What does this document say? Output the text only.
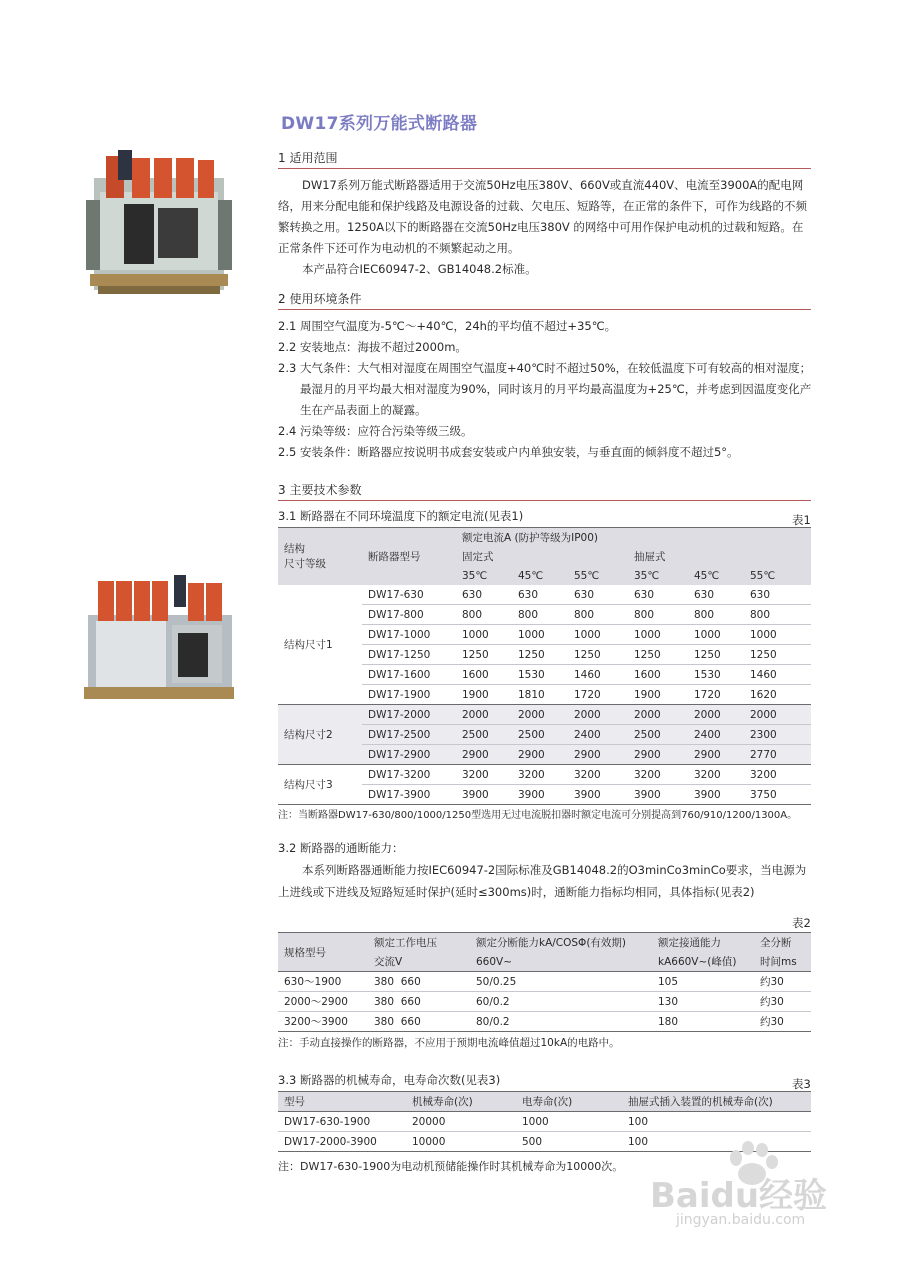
DW17系列万能式断路器
1 适用范围

DW17系列万能式断路器适用于交流50Hz电压380V、660V或直流440V、电流至3900A的配电网络，用来分配电能和保护线路及电源设备的过载、欠电压、短路等，在正常的条件下，可作为线路的不频繁转换之用。1250A以下的断路器在交流50Hz电压380V 的网络中可用作保护电动机的过载和短路。在正常条件下还可作为电动机的不频繁起动之用。

本产品符合IEC60947-2、GB14048.2标准。

2 使用环境条件

2.1 周围空气温度为-5℃～+40℃，24h的平均值不超过+35℃。

2.2 安装地点：海拔不超过2000m。

2.3 大气条件：大气相对湿度在周围空气温度+40℃时不超过50%，在较低温度下可有较高的相对湿度；最湿月的月平均最大相对湿度为90%，同时该月的月平均最高温度为+25℃，并考虑到因温度变化产生在产品表面上的凝露。

2.4 污染等级：应符合污染等级三级。

2.5 安装条件：断路器应按说明书成套安装或户内单独安装，与垂直面的倾斜度不超过5°。

3 主要技术参数
3.1 断路器在不同环境温度下的额定电流(见表1)	表1
结构
尺寸等级	断路器型号	额定电流A (防护等级为IP00)					
		固定式			抽屉式		
		35℃	45℃	55℃	35℃	45℃	55℃
结构尺寸1	DW17-630	630	630	630	630	630	630
	DW17-800	800	800	800	800	800	800
	DW17-1000	1000	1000	1000	1000	1000	1000
	DW17-1250	1250	1250	1250	1250	1250	1250
	DW17-1600	1600	1530	1460	1600	1530	1460
	DW17-1900	1900	1810	1720	1900	1720	1620
结构尺寸2	DW17-2000	2000	2000	2000	2000	2000	2000
	DW17-2500	2500	2500	2400	2500	2400	2300
	DW17-2900	2900	2900	2900	2900	2900	2770
结构尺寸3	DW17-3200	3200	3200	3200	3200	3200	3200
	DW17-3900	3900	3900	3900	3900	3900	3750
注：当断路器DW17-630/800/1000/1250型选用无过电流脱扣器时额定电流可分别提高到760/910/1200/1300A。
3.2 断路器的通断能力：

本系列断路器通断能力按IEC60947-2国际标准及GB14048.2的O3minCo3minCo要求，当电源为上进线或下进线及短路短延时保护(延时≤300ms)时，通断能力指标均相同，具体指标(见表2)

表2
规格型号	额定工作电压	额定分断能力kA/COSΦ(有效期)	额定接通能力	全分断
	交流V	660V~	kA660V~(峰值)	时间ms
630～1900	380  660	50/0.25	105	约30
2000～2900	380  660	60/0.2	130	约30
3200～3900	380  660	80/0.2	180	约30
注：手动直接操作的断路器，不应用于预期电流峰值超过10kA的电路中。
3.3 断路器的机械寿命，电寿命次数(见表3)	表3
型号	机械寿命(次)	电寿命(次)	抽屉式插入装置的机械寿命(次)
DW17-630-1900	20000	1000	100
DW17-2000-3900	10000	500	100
注：DW17-630-1900为电动机预储能操作时其机械寿命为10000次。
Baidu经验
jingyan.baidu.com
